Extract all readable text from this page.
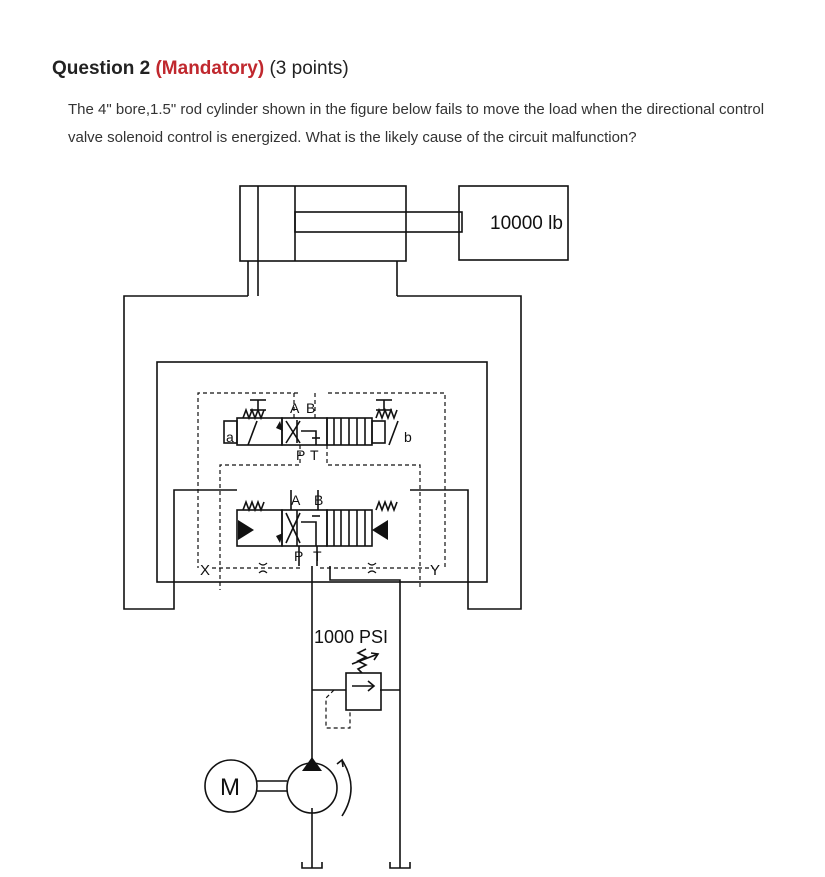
Question 2 (Mandatory) (3 points)
The 4" bore,1.5" rod cylinder shown in the figure below fails to move the load when the directional control valve solenoid control is energized. What is the likely cause of the circuit malfunction?
10000 lb
1000 PSI
A B
P T
a	b
A B
P T
X	Y
M
